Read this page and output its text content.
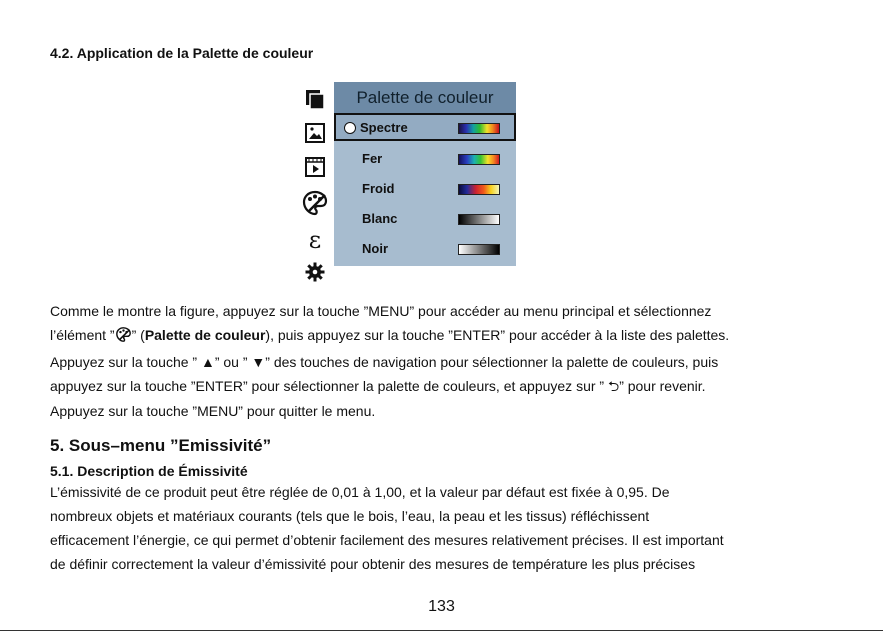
4.2. Application de la Palette de couleur
ε
Palette de couleur
Spectre
Fer
Froid
Blanc
Noir

Comme le montre la figure, appuyez sur la touche ”MENU” pour accéder au menu principal et sélectionnez
l’élément ” ” (Palette de couleur), puis appuyez sur la touche ”ENTER” pour accéder à la liste des palettes.
Appuyez sur la touche ” ▲” ou ” ▼” des touches de navigation pour sélectionner la palette de couleurs, puis
appuyez sur la touche ”ENTER” pour sélectionner la palette de couleurs, et appuyez sur ” ⮌” pour revenir.
Appuyez sur la touche ”MENU” pour quitter le menu.

5. Sous–menu ”Emissivité”
5.1. Description de Émissivité

L’émissivité de ce produit peut être réglée de 0,01 à 1,00, et la valeur par défaut est fixée à 0,95. De
nombreux objets et matériaux courants (tels que le bois, l’eau, la peau et les tissus) réfléchissent
efficacement l’énergie, ce qui permet d’obtenir facilement des mesures relativement précises. Il est important
de définir correctement la valeur d’émissivité pour obtenir des mesures de température les plus précises

133
